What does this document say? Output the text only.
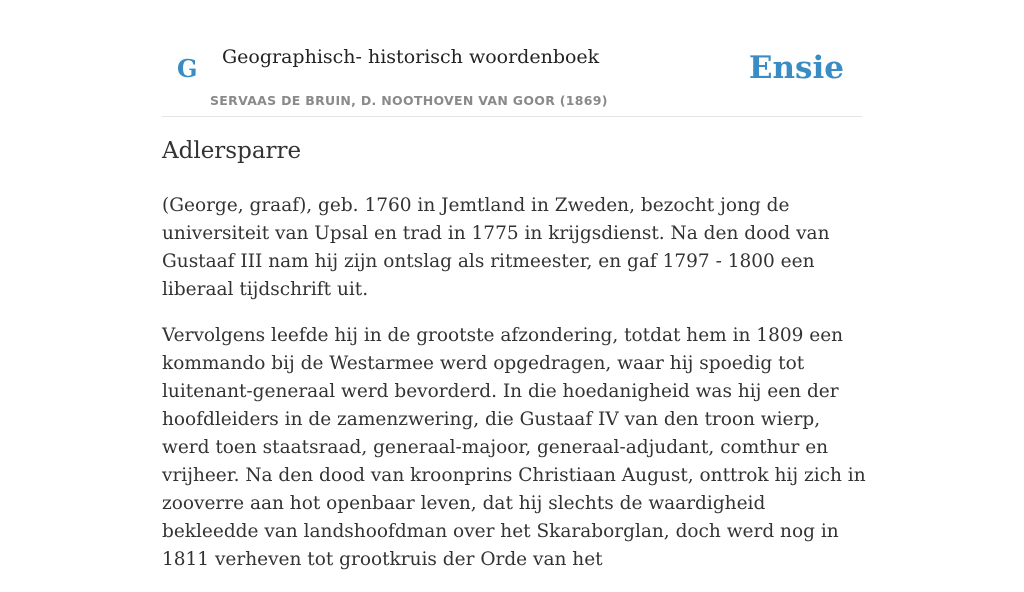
G Geographisch- historisch woordenboek
SERVAAS DE BRUIN, D. NOOTHOVEN VAN GOOR (1869)
Ensie
Adlersparre

(George, graaf), geb. 1760 in Jemtland in Zweden, bezocht jong de universiteit van Upsal en trad in 1775 in krijgsdienst. Na den dood van Gustaaf III nam hij zijn ontslag als ritmeester, en gaf 1797 - 1800 een liberaal tijdschrift uit.

Vervolgens leefde hij in de grootste afzondering, totdat hem in 1809 een kommando bij de Westarmee werd opgedragen, waar hij spoedig tot luitenant-generaal werd bevorderd. In die hoedanigheid was hij een der hoofdleiders in de zamenzwering, die Gustaaf IV van den troon wierp, werd toen staatsraad, generaal-majoor, generaal-adjudant, comthur en vrijheer. Na den dood van kroonprins Christiaan August, onttrok hij zich in zooverre aan hot openbaar leven, dat hij slechts de waardigheid bekleedde van landshoofdman over het Skaraborglan, doch werd nog in 1811 verheven tot grootkruis der Orde van het
